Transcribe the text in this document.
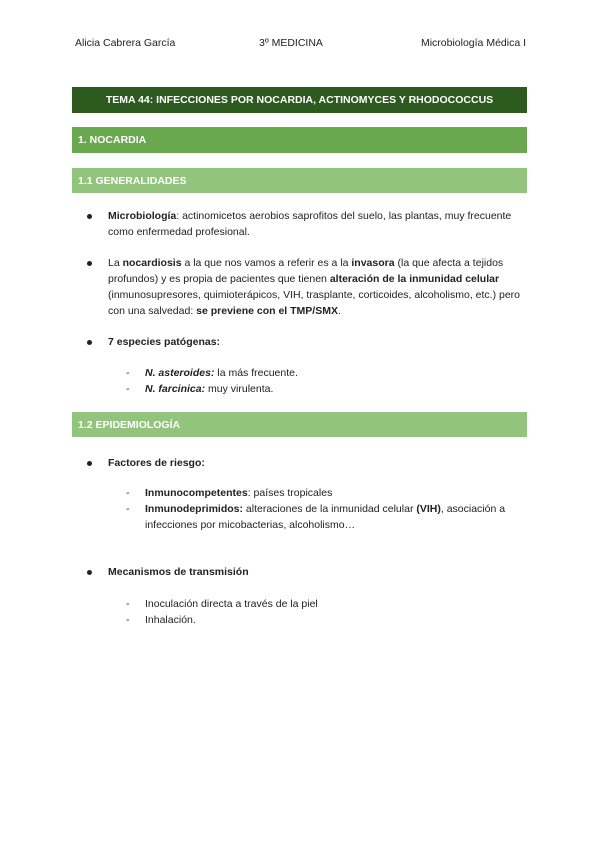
Alicia Cabrera García	3º MEDICINA	Microbiología Médica I
TEMA 44: INFECCIONES POR NOCARDIA, ACTINOMYCES Y RHODOCOCCUS
1. NOCARDIA
1.1 GENERALIDADES
Microbiología: actinomicetos aerobios saprofitos del suelo, las plantas, muy frecuente como enfermedad profesional.
La nocardiosis a la que nos vamos a referir es a la invasora (la que afecta a tejidos profundos) y es propia de pacientes que tienen alteración de la inmunidad celular (inmunosupresores, quimioterápicos, VIH, trasplante, corticoides, alcoholismo, etc.) pero con una salvedad: se previene con el TMP/SMX.
7 especies patógenas:
- N. asteroides: la más frecuente.
- N. farcinica: muy virulenta.
1.2 EPIDEMIOLOGÍA
Factores de riesgo:
- Inmunocompetentes: países tropicales
- Inmunodeprimidos: alteraciones de la inmunidad celular (VIH), asociación a infecciones por micobacterias, alcoholismo…
Mecanismos de transmisión
- Inoculación directa a través de la piel
- Inhalación.
